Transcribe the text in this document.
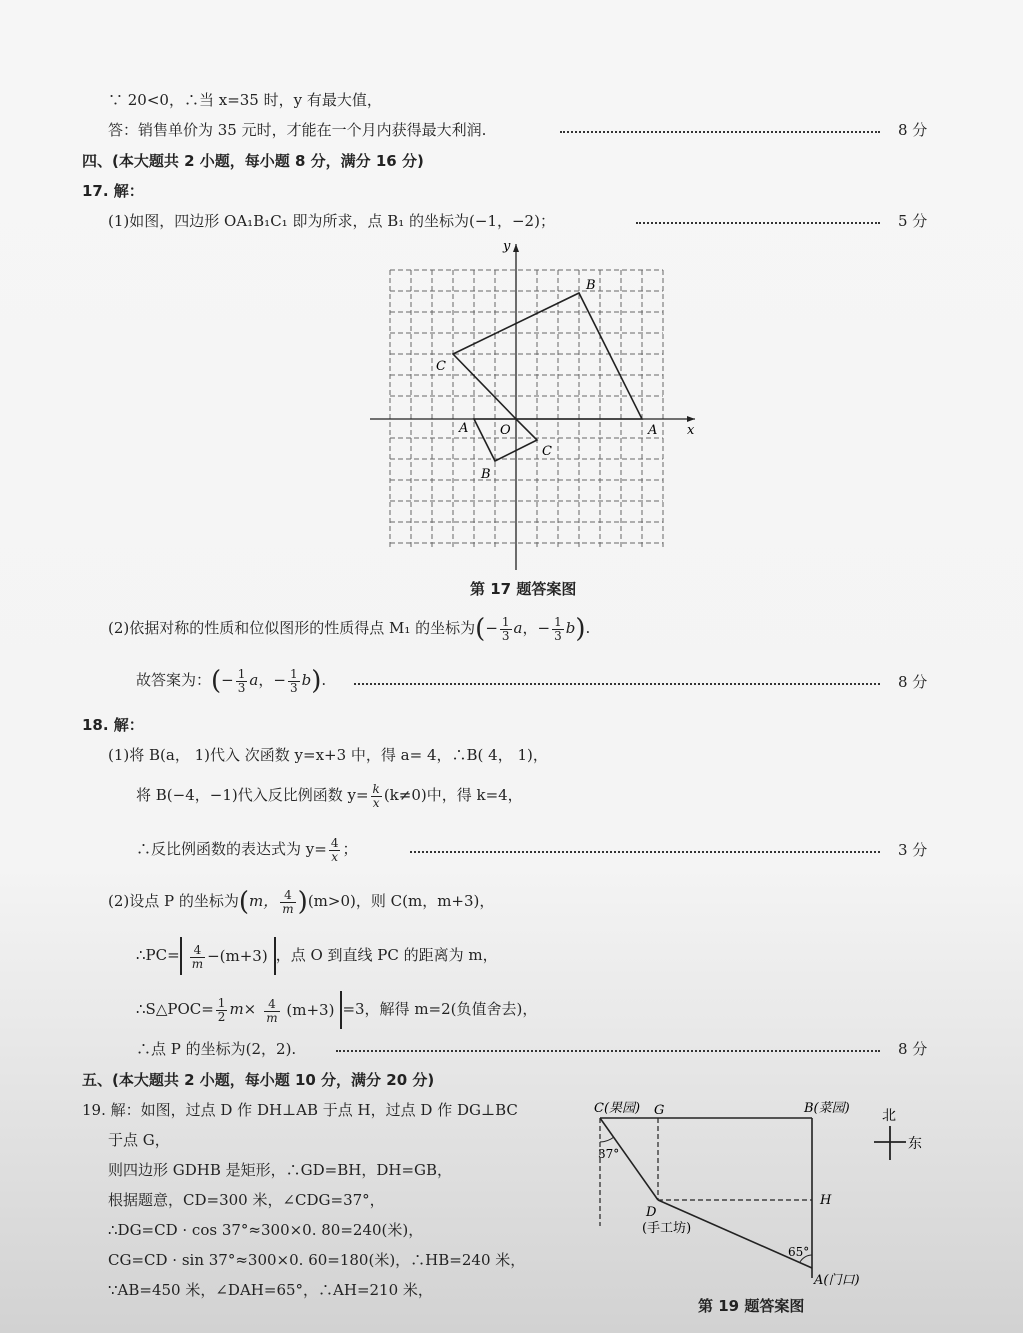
∵ 20<0，∴当 x=35 时，y 有最大值，
答：销售单价为 35 元时，才能在一个月内获得最大利润.	8 分
四、(本大题共 2 小题，每小题 8 分，满分 16 分)
17. 解：
(1)如图，四边形 OA₁B₁C₁ 即为所求，点 B₁ 的坐标为(−1，−2)；	5 分
x
y
O	A
B
C
A
B
C
第 17 题答案图
(2)依据对称的性质和位似图形的性质得点 M₁ 的坐标为(− $\frac{1}{3}$ a，− $\frac{1}{3} b$).
故答案为：(− $\frac{1}{3}$ a，− $\frac{1}{3} b$).	8 分
18. 解：
(1)将 B(a， 1)代入 次函数 y=x+3 中，得 a= 4，∴B( 4， 1)，
将 B(−4，−1)代入反比例函数 $y= \frac{k}{x} (k\ne 0)$中，得 k=4，
∴反比例函数的表达式为 $y= \frac{4}{x}$ ；	3 分
(2)设点 P 的坐标为(m， $\frac{4}{m} )(m>0)$，则 C(m，m+3)，
∴PC= $\frac{4}{m} -(m+3)$ ，点 O 到直线 PC 的距离为 m，
∴S△POC= $\frac{1}{2} m\times \frac{4}{m} (m+3) =3$，解得 m=2(负值舍去)，
∴点 P 的坐标为(2，2).	8 分
五、(本大题共 2 小题，每小题 10 分，满分 20 分)
19. 解：如图，过点 D 作 DH⊥AB 于点 H，过点 D 作 DG⊥BC
于点 G，
则四边形 GDHB 是矩形，∴GD=BH，DH=GB，
根据题意，CD=300 米，∠CDG=37°，
∴DG=CD · cos 37°≈300×0. 80=240(米)，
CG=CD · sin 37°≈300×0. 60=180(米)，∴HB=240 米，
∵AB=450 米，∠DAH=65°，∴AH=210 米，
C(果园) G	B(菜园)
H
D
(手工坊)
A(门口)
37°
65°
北
东
第 19 题答案图
